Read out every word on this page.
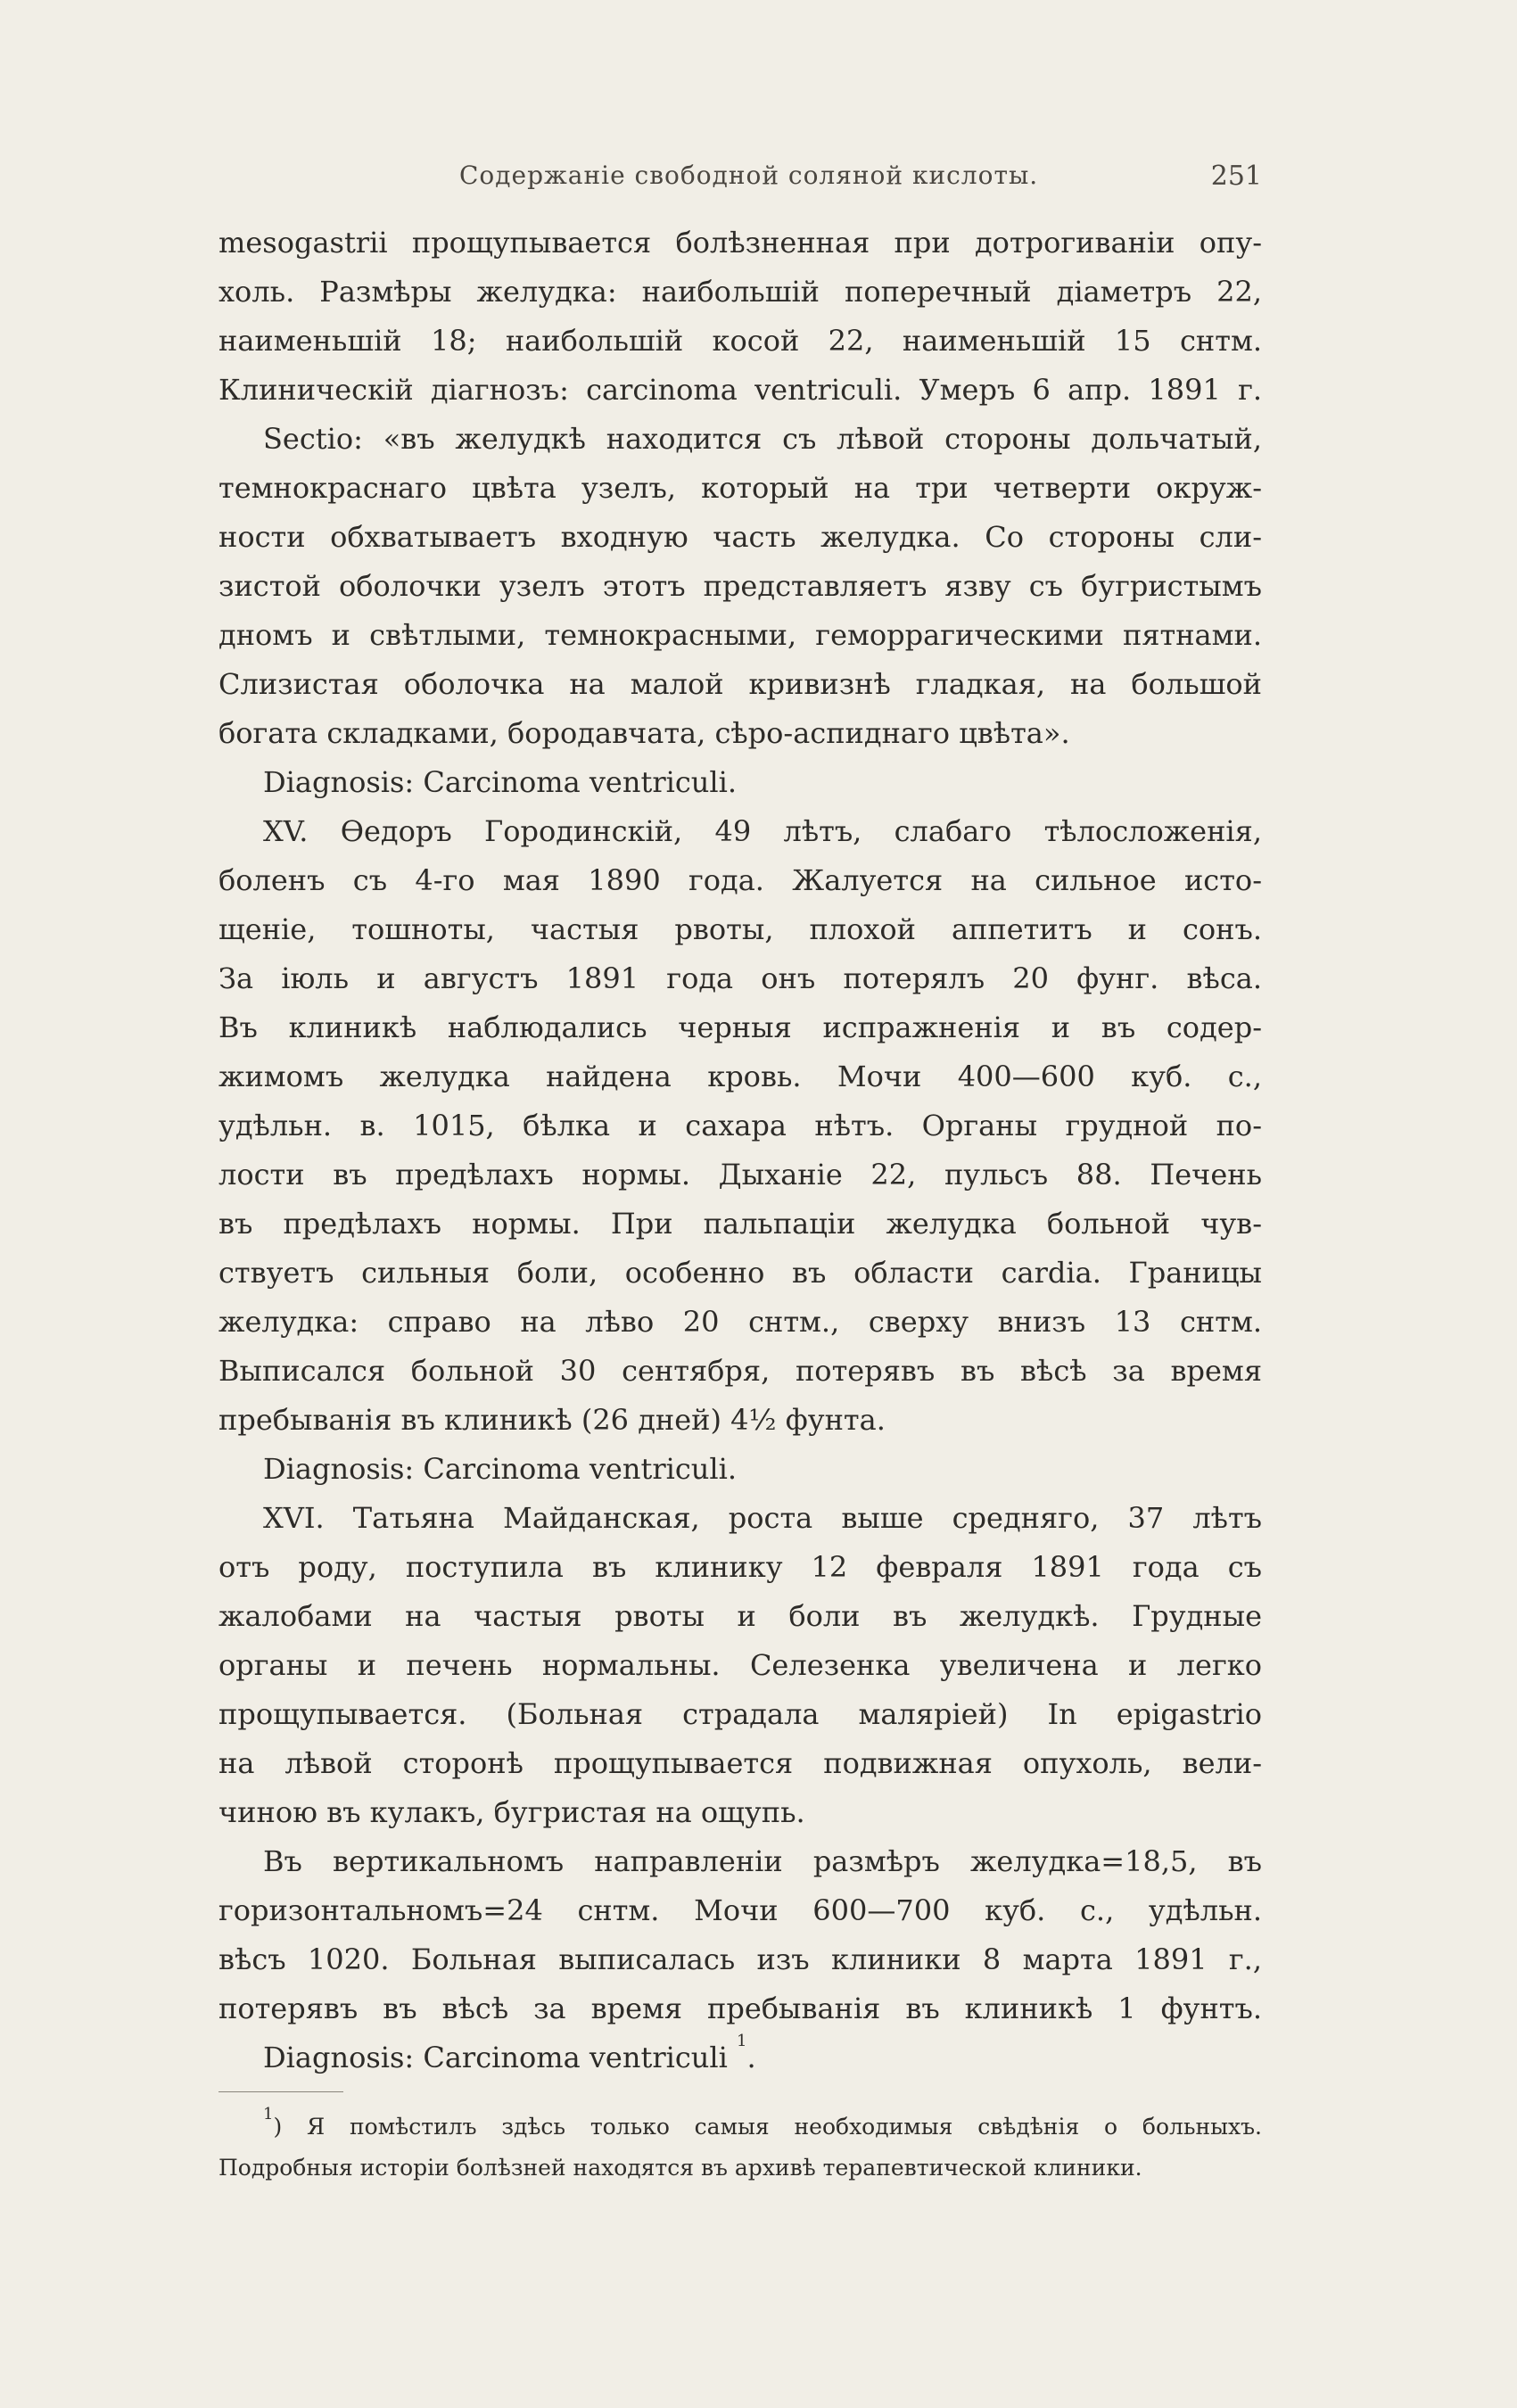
Содержаніе свободной соляной кислоты.	251
mesogastrii прощупывается болѣзненная при дотрогиваніи опу-
холь. Размѣры желудка: наибольшій поперечный діаметръ 22,
наименьшій 18; наибольшій косой 22, наименьшій 15 снтм.
Клиническій діагнозъ: carcinoma ventriculi. Умеръ 6 апр. 1891 г.
Sectio: «въ желудкѣ находится съ лѣвой стороны дольчатый,
темнокраснаго цвѣта узелъ, который на три четверти окруж-
ности обхватываетъ входную часть желудка. Со стороны сли-
зистой оболочки узелъ этотъ представляетъ язву съ бугристымъ
дномъ и свѣтлыми, темнокрасными, геморрагическими пятнами.
Слизистая оболочка на малой кривизнѣ гладкая, на большой
богата складками, бородавчата, сѣро-аспиднаго цвѣта».
Diagnosis: Carcinoma ventriculi.
XV. Ѳедоръ Городинскій, 49 лѣтъ, слабаго тѣлосложенія,
боленъ съ 4-го мая 1890 года. Жалуется на сильное исто-
щеніе, тошноты, частыя рвоты, плохой аппетитъ и сонъ.
За іюль и августъ 1891 года онъ потерялъ 20 фунг. вѣса.
Въ клиникѣ наблюдались черныя испражненія и въ содер-
жимомъ желудка найдена кровь. Мочи 400—600 куб. с.,
удѣльн. в. 1015, бѣлка и сахара нѣтъ. Органы грудной по-
лости въ предѣлахъ нормы. Дыханіе 22, пульсъ 88. Печень
въ предѣлахъ нормы. При пальпаціи желудка больной чув-
ствуетъ сильныя боли, особенно въ области cardia. Границы
желудка: справо на лѣво 20 снтм., сверху внизъ 13 снтм.
Выписался больной 30 сентября, потерявъ въ вѣсѣ за время
пребыванія въ клиникѣ (26 дней) 4½ фунта.
Diagnosis: Carcinoma ventriculi.
XVI. Татьяна Майданская, роста выше средняго, 37 лѣтъ
отъ роду, поступила въ клинику 12 февраля 1891 года съ
жалобами на частыя рвоты и боли въ желудкѣ. Грудные
органы и печень нормальны. Селезенка увеличена и легко
прощупывается. (Больная страдала маляріей) In epigastrio
на лѣвой сторонѣ прощупывается подвижная опухоль, вели-
чиною въ кулакъ, бугристая на ощупь.
Въ вертикальномъ направленіи размѣръ желудка=18,5, въ
горизонтальномъ=24 снтм. Мочи 600—700 куб. с., удѣльн.
вѣсъ 1020. Больная выписалась изъ клиники 8 марта 1891 г.,
потерявъ въ вѣсѣ за время пребыванія въ клиникѣ 1 фунтъ.
Diagnosis: Carcinoma ventriculi $^1$.
$^1$) Я помѣстилъ здѣсь только самыя необходимыя свѣдѣнія о больныхъ.
Подробныя исторіи болѣзней находятся въ архивѣ терапевтической клиники.
